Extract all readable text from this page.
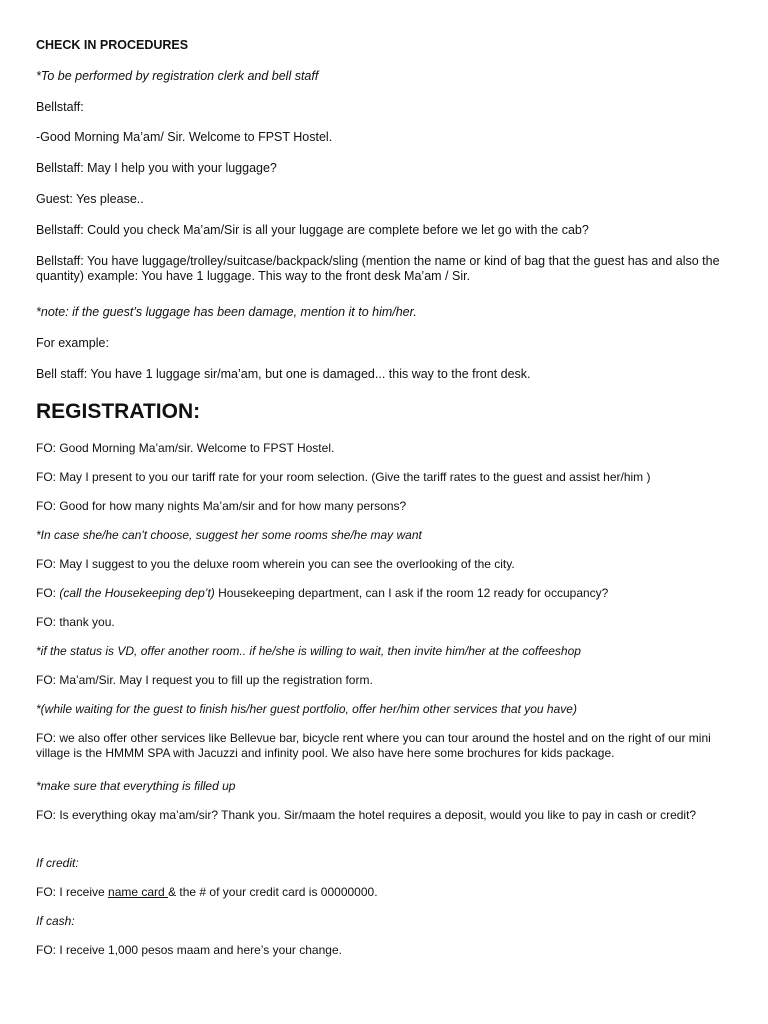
CHECK IN PROCEDURES

*To be performed by registration clerk and bell staff

Bellstaff:

-Good Morning Ma’am/ Sir. Welcome to FPST Hostel.

Bellstaff: May I help you with your luggage?

Guest: Yes please..

Bellstaff: Could you check Ma’am/Sir is all your luggage are complete before we let go with the cab?

Bellstaff: You have luggage/trolley/suitcase/backpack/sling (mention the name or kind of bag that the guest has and also the quantity) example: You have 1 luggage. This way to the front desk Ma’am / Sir.

*note: if the guest’s luggage has been damage, mention it to him/her.

For example:

Bell staff: You have 1 luggage sir/ma’am, but one is damaged... this way to the front desk.

REGISTRATION:

FO: Good Morning Ma’am/sir. Welcome to FPST Hostel.

FO: May I present to you our tariff rate for your room selection. (Give the tariff rates to the guest and assist her/him )

FO: Good for how many nights Ma’am/sir and for how many persons?

*In case she/he can't choose, suggest her some rooms she/he may want

FO: May I suggest to you the deluxe room wherein you can see the overlooking of the city.

FO: (call the Housekeeping dep’t) Housekeeping department, can I ask if the room 12 ready for occupancy?

FO: thank you.

*if the status is VD, offer another room.. if he/she is willing to wait, then invite him/her at the coffeeshop

FO: Ma’am/Sir. May I request you to fill up the registration form.

*(while waiting for the guest to finish his/her guest portfolio, offer her/him other services that you have)

FO: we also offer other services like Bellevue bar, bicycle rent where you can tour around the hostel and on the right of our mini village is the HMMM SPA with Jacuzzi and infinity pool. We also have here some brochures for kids package.

*make sure that everything is filled up

FO: Is everything okay ma’am/sir? Thank you. Sir/maam the hotel requires a deposit, would you like to pay in cash or credit?

If credit:

FO: I receive name card & the # of your credit card is 00000000.

If cash:

FO: I receive 1,000 pesos maam and here’s your change.
